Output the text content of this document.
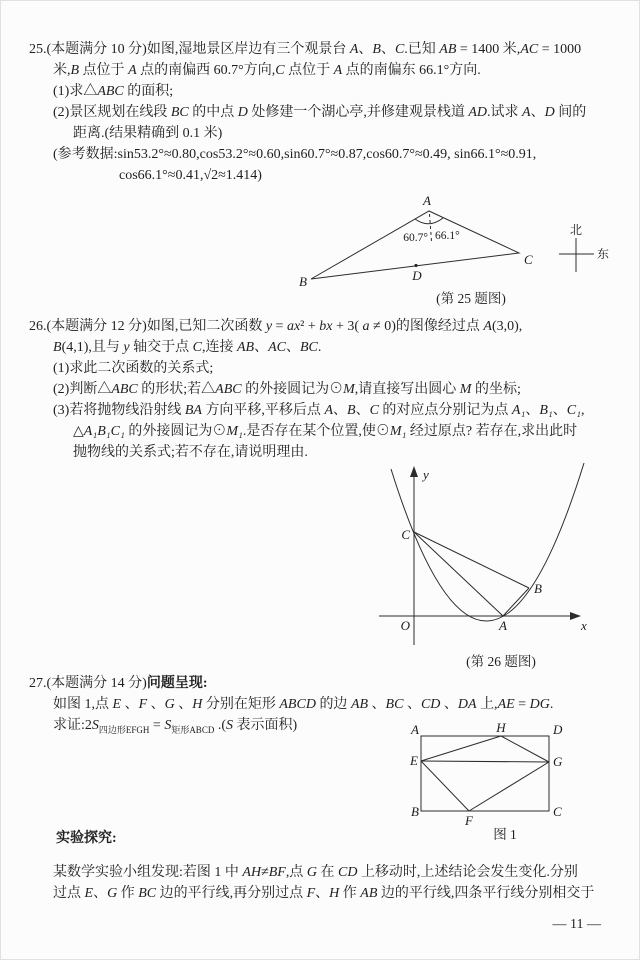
25.(本题满分 10 分)如图,湿地景区岸边有三个观景台 A、B、C.已知 AB = 1400 米,AC = 1000
米,B 点位于 A 点的南偏西 60.7°方向,C 点位于 A 点的南偏东 66.1°方向.
(1)求△ABC 的面积;
(2)景区规划在线段 BC 的中点 D 处修建一个湖心亭,并修建观景栈道 AD.试求 A、D 间的
距离.(结果精确到 0.1 米)
(参考数据:sin53.2°≈0.80,cos53.2°≈0.60,sin60.7°≈0.87,cos60.7°≈0.49, sin66.1°≈0.91,
cos66.1°≈0.41,√2≈1.414)
A
B
C
D
60.7° 66.1°	北
东
(第 25 题图)
26.(本题满分 12 分)如图,已知二次函数 y = ax² + bx + 3( a ≠ 0)的图像经过点 A(3,0),
B(4,1),且与 y 轴交于点 C,连接 AB、AC、BC.
(1)求此二次函数的关系式;
(2)判断△ABC 的形状;若△ABC 的外接圆记为⊙M,请直接写出圆心 M 的坐标;
(3)若将抛物线沿射线 BA 方向平移,平移后点 A、B、C 的对应点分别记为点 A₁、B₁、C₁,
△A₁B₁C₁ 的外接圆记为⊙M₁.是否存在某个位置,使⊙M₁ 经过原点? 若存在,求出此时
抛物线的关系式;若不存在,请说明理由.
y
x
O
C
A
B
(第 26 题图)
27.(本题满分 14 分)问题呈现:
如图 1,点 E 、F 、G 、H 分别在矩形 ABCD 的边 AB 、BC 、CD 、DA 上,AE = DG.
求证$:2S_{四边形EFGH} = S_{矩形ABCD}$ .(S 表示面积)	A	D
B	C
E	G
H
F
图 1
实验探究:
某数学实验小组发现:若图 1 中 AH≠BF,点 G 在 CD 上移动时,上述结论会发生变化.分别
过点 E、G 作 BC 边的平行线,再分别过点 F、H 作 AB 边的平行线,四条平行线分别相交于
— 11 —
